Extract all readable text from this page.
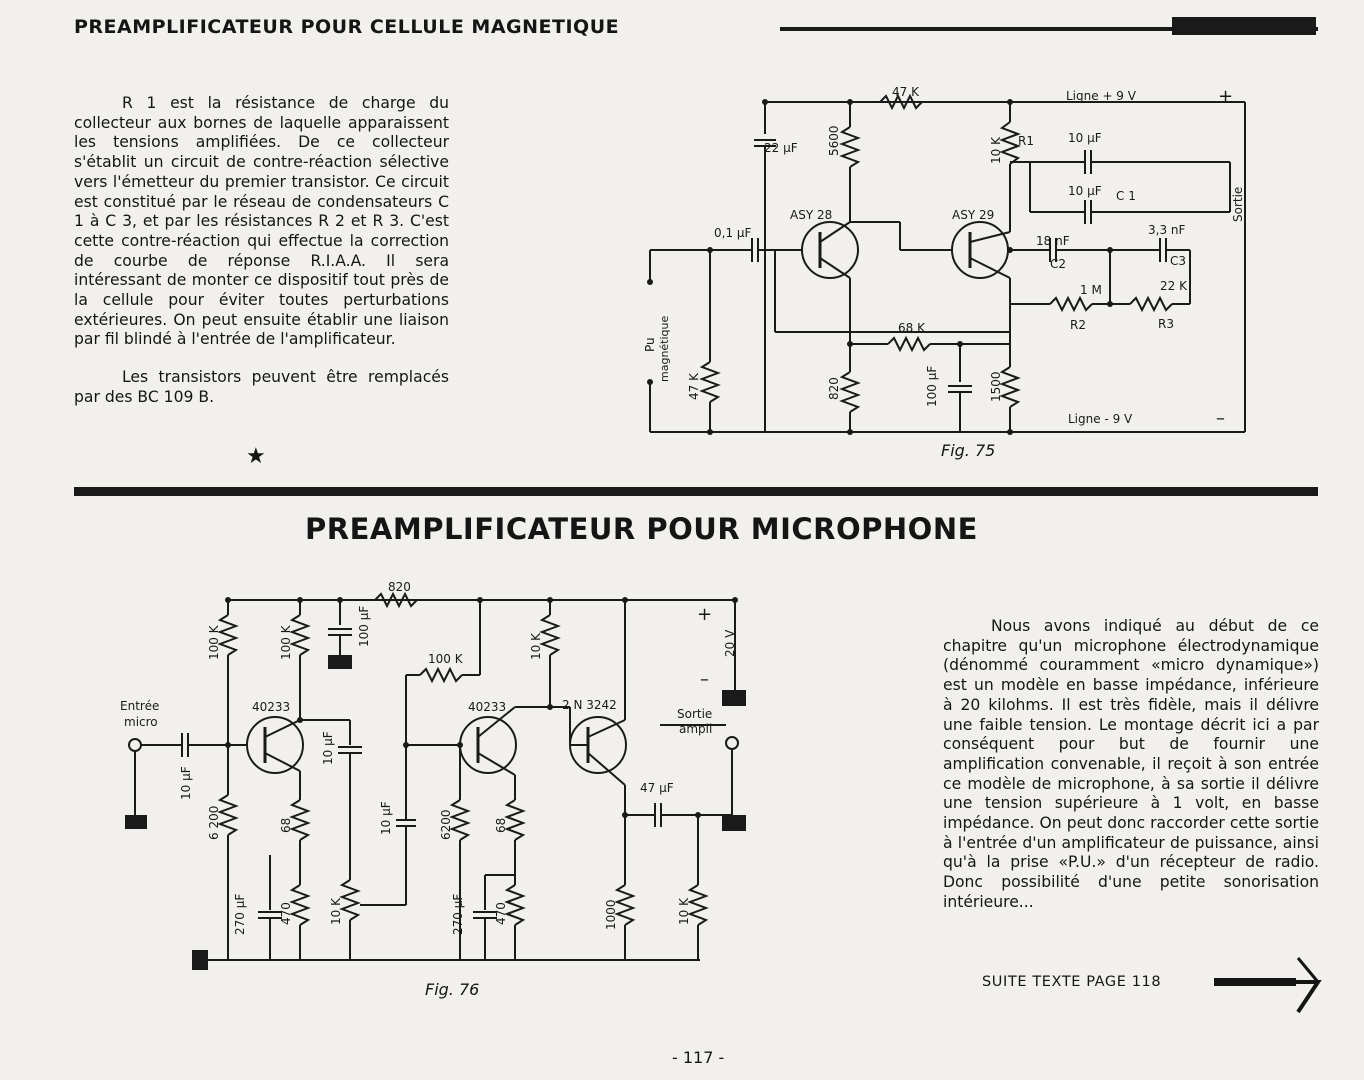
PREAMPLIFICATEUR POUR CELLULE MAGNETIQUE
PREAMPLIFICATEUR POUR MICROPHONE

R 1 est la résistance de charge du collecteur aux bornes de laquelle apparaissent les tensions amplifiées. De ce collecteur s'établit un circuit de contre-réaction sélective vers l'émetteur du premier transistor. Ce circuit est constitué par le réseau de condensateurs C 1 à C 3, et par les résistances R 2 et R 3. C'est cette contre-réaction qui effectue la correction de courbe de réponse R.I.A.A. Il sera intéressant de monter ce dispositif tout près de la cellule pour éviter toutes perturbations extérieures. On peut ensuite établir une liaison par fil blindé à l'entrée de l'amplificateur.

Les transistors peuvent être remplacés par des BC 109 B.

★

Nous avons indiqué au début de ce chapitre qu'un microphone électrodynamique (dénommé couramment «micro dynamique») est un modèle en basse impédance, inférieure à 20 kilohms. Il est très fidèle, mais il délivre une faible tension. Le montage décrit ici a par conséquent pour but de fournir une amplification convenable, il reçoit à son entrée ce modèle de microphone, à sa sortie il délivre une tension supérieure à 1 volt, en basse impédance. On peut donc raccorder cette sortie à l'entrée d'un amplificateur de puissance, ainsi qu'à la prise «P.U.» d'un récepteur de radio. Donc possibilité d'une petite sonorisation intérieure...

SUITE TEXTE PAGE 118
47 K	Ligne + 9 V	+
22 µF 5600	10 K R1	10 µF
10 µF C 1
ASY 28	ASY 29	Sortie
0,1 µF
18 nF
3,3 nF
C2	C3
1 M	22 K
R2	R3
Pu magnétique	68 K
47 K	820	100 µF	1500
Ligne - 9 V	–
Fig. 75
820
+
100 K	100 K	100 µF
100 K	10 K	20 V
–
Entrée
micro
40233	40233	2 N 3242
Sortie
ampli
10 µF
10 µF
10 µF
47 µF
6 200	68	6200	68
270 µF	470	10 K	270 µF 470	1000	10 K
Fig. 76
- 117 -
